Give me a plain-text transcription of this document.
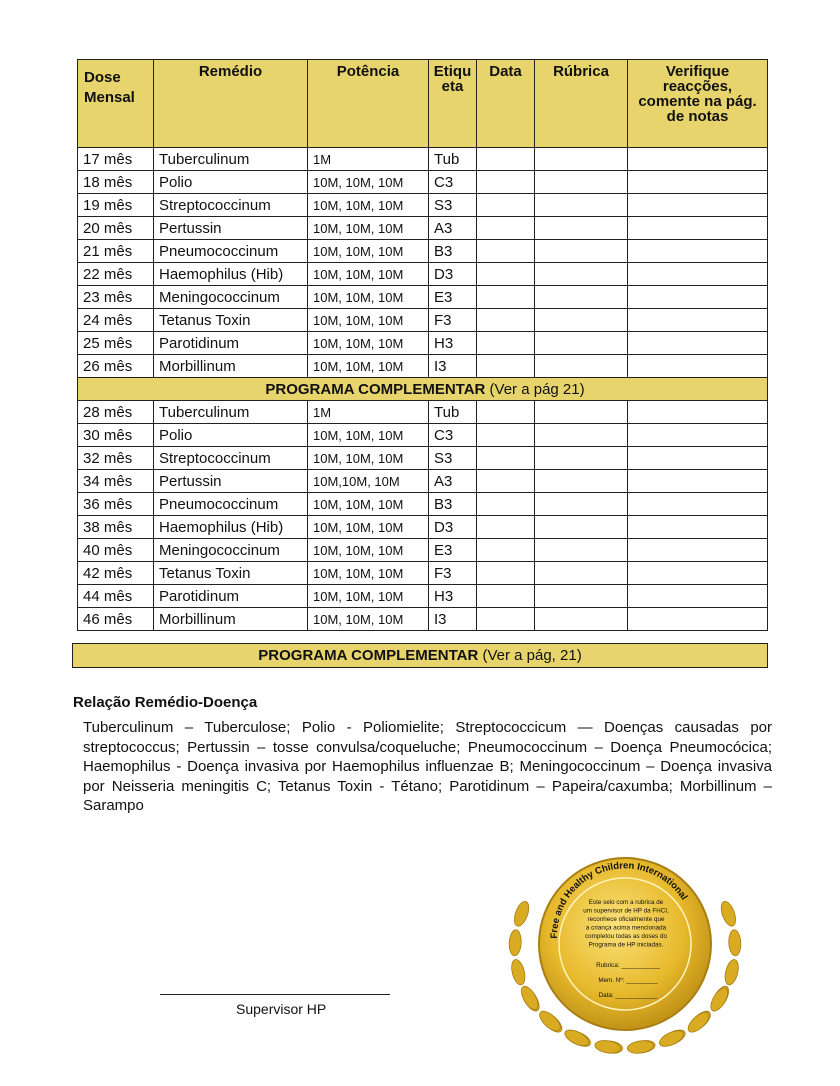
Dose Mensal	Remédio	Potência	Etiqu eta	Data	Rúbrica	Verifique reacções, comente na pág. de notas
17 mês	Tuberculinum	1M	Tub			
18 mês	Polio	10M, 10M, 10M	C3			
19 mês	Streptococcinum	10M, 10M, 10M	S3			
20 mês	Pertussin	10M, 10M, 10M	A3			
21 mês	Pneumococcinum	10M, 10M, 10M	B3			
22 mês	Haemophilus (Hib)	10M, 10M, 10M	D3			
23 mês	Meningococcinum	10M, 10M, 10M	E3			
24 mês	Tetanus Toxin	10M, 10M, 10M	F3			
25 mês	Parotidinum	10M, 10M, 10M	H3			
26 mês	Morbillinum	10M, 10M, 10M	I3			
PROGRAMA COMPLEMENTAR (Ver a pág 21)						
28 mês	Tuberculinum	1M	Tub			
30 mês	Polio	10M, 10M, 10M	C3			
32 mês	Streptococcinum	10M, 10M, 10M	S3			
34 mês	Pertussin	10M,10M, 10M	A3			
36 mês	Pneumococcinum	10M, 10M, 10M	B3			
38 mês	Haemophilus (Hib)	10M, 10M, 10M	D3			
40 mês	Meningococcinum	10M, 10M, 10M	E3			
42 mês	Tetanus Toxin	10M, 10M, 10M	F3			
44 mês	Parotidinum	10M, 10M, 10M	H3			
46 mês	Morbillinum	10M, 10M, 10M	I3			
PROGRAMA COMPLEMENTAR (Ver a pág, 21)
Relação Remédio-Doença
Tuberculinum – Tuberculose; Polio - Poliomielite; Streptococcicum — Doenças causadas por streptococcus; Pertussin – tosse convulsa/coqueluche; Pneumococcinum – Doença Pneumocócica; Haemophilus - Doença invasiva por Haemophilus influenzae B; Meningococcinum – Doença invasiva por Neisseria meningitis C; Tetanus Toxin - Tétano; Parotidinum – Papeira/caxumba; Morbillinum – Sarampo
Supervisor HP
Free and Healthy Children International
Este selo com a rubrica de
um supervisor de HP da FHCI,
reconhece oficialmente que
a criança acima mencionada
completou todas as doses do
Programa de HP iniciadas.
Rubrica: ___________
Mem. Nº: _________
Data: ____________
